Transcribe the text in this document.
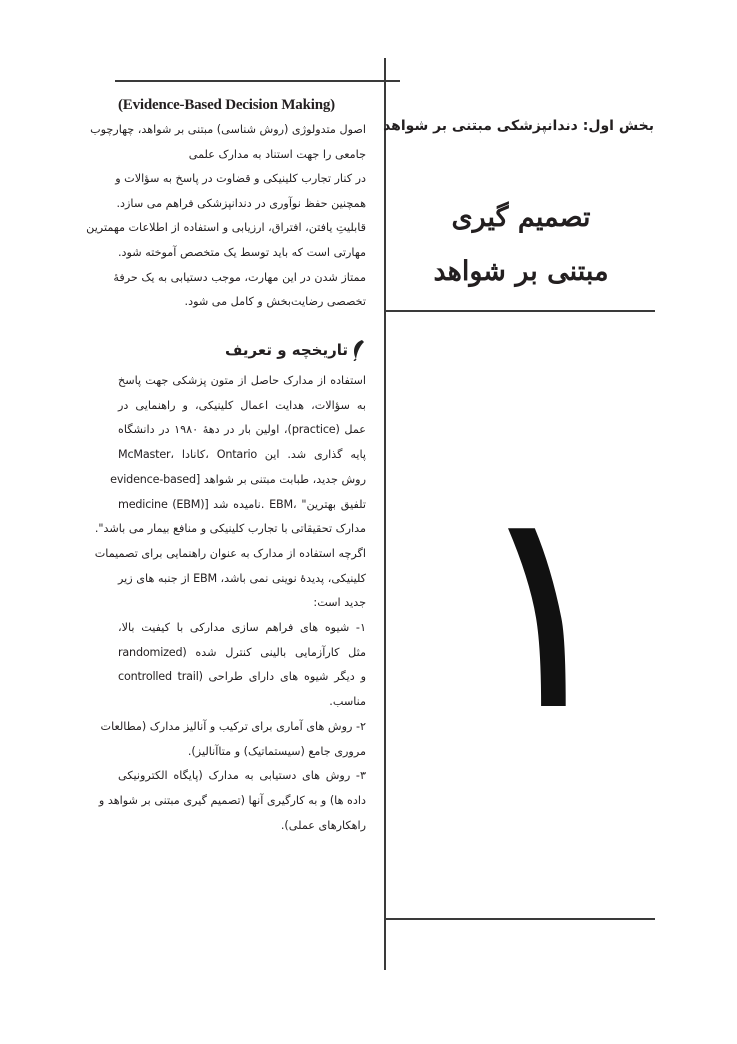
بخش اول: دندانپزشکی مبتنی بر شواهد
تصمیم گیری
مبتنی بر شواهد
۱
تاریخچه و تعریف
(Evidence-Based Decision Making)
اصول متدولوژی (روش شناسی) مبتنی بر شواهد، چهارچوب
جامعی را جهت استناد به مدارک علمی
در کنار تجارب کلینیکی و قضاوت در پاسخ به سؤالات و
همچنین حفظ نوآوری در دندانپزشکی فراهم می سازد.
قابلیتِ یافتن، افتراق، ارزیابی و استفاده از اطلاعات مهمترین
مهارتی است که باید توسط یک متخصص آموخته شود.
ممتاز شدن در این مهارت، موجب دستیابی به یک حرفهٔ
تخصصی رضایت‌بخش و کامل می شود.
استفاده از مدارک حاصل از متون پزشکی جهت پاسخ
به سؤالات، هدایت اعمال کلینیکی، و راهنمایی در
عمل (practice)، اولین بار در دههٔ ۱۹۸۰ در دانشگاه
McMaster، کانادا، Ontario پایه گذاری شد. این
روش جدید، طبابت مبتنی بر شواهد [evidence-based
medicine (EBM)] نامیده شد. EBM، "تلفیق بهترین
مدارک تحقیقاتی با تجارب کلینیکی و منافع بیمار می باشد".
اگرچه استفاده از مدارک به عنوان راهنمایی برای تصمیمات
کلینیکی، پدیدهٔ نوینی نمی باشد، EBM از جنبه های زیر
جدید است:
۱- شیوه های فراهم سازی مدارکی با کیفیت بالا،
مثل کارآزمایی بالینی کنترل شده (randomized
controlled trail) و دیگر شیوه های دارای طراحی
مناسب.
۲- روش های آماری برای ترکیب و آنالیز مدارک (مطالعات
مروری جامع (سیستماتیک) و متاآنالیز).
۳- روش های دستیابی به مدارک (پایگاه الکترونیکی
داده ها) و به کارگیری آنها (تصمیم گیری مبتنی بر شواهد و
راهکارهای عملی).
